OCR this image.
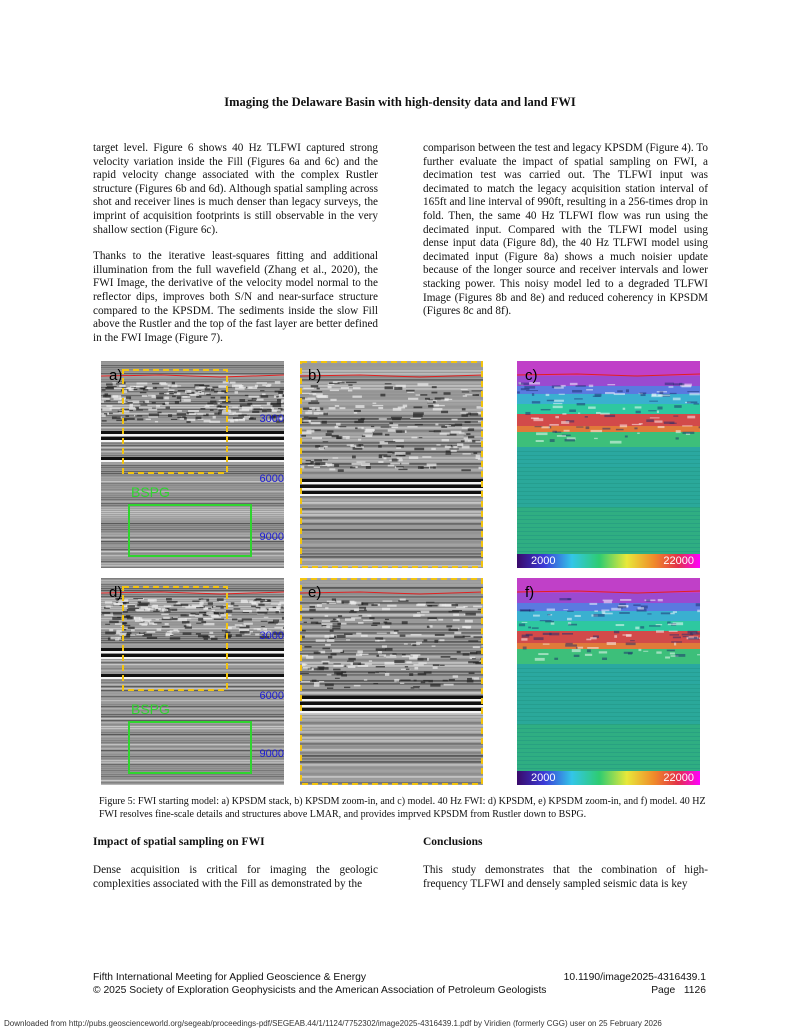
Imaging the Delaware Basin with high-density data and land FWI

target level. Figure 6 shows 40 Hz TLFWI captured strong velocity variation inside the Fill (Figures 6a and 6c) and the rapid velocity change associated with the complex Rustler structure (Figures 6b and 6d). Although spatial sampling across shot and receiver lines is much denser than legacy surveys, the imprint of acquisition footprints is still observable in the very shallow section (Figure 6c).

Thanks to the iterative least-squares fitting and additional illumination from the full wavefield (Zhang et al., 2020), the FWI Image, the derivative of the velocity model normal to the reflector dips, improves both S/N and near-surface structure compared to the KPSDM. The sediments inside the slow Fill above the Rustler and the top of the fast layer are better defined in the FWI Image (Figure 7).

comparison between the test and legacy KPSDM (Figure 4). To further evaluate the impact of spatial sampling on FWI, a decimation test was carried out. The TLFWI input was decimated to match the legacy acquisition station interval of 165ft and line interval of 990ft, resulting in a 256-times drop in fold. Then, the same 40 Hz TLFWI flow was run using the decimated input. Compared with the TLFWI model using dense input data (Figure 8d), the 40 Hz TLFWI model using decimated input (Figure 8a) shows a much noisier update because of the longer source and receiver intervals and lower stacking power. This noisy model led to a degraded TLFWI Image (Figures 8b and 8e) and reduced coherency in KPSDM (Figures 8c and 8f).

a)
3000
6000
9000
BSPG
b)	c)
2000	22000
d)
3000
6000
9000
BSPG
e)	f)
2000	22000
Figure 5: FWI starting model: a) KPSDM stack, b) KPSDM zoom-in, and c) model. 40 Hz FWI: d) KPSDM, e) KPSDM zoom-in, and f) model. 40 HZ FWI resolves fine-scale details and structures above LMAR, and provides imprved KPSDM from Rustler down to BSPG.
Impact of spatial sampling on FWI

Dense acquisition is critical for imaging the geologic complexities associated with the Fill as demonstrated by the

Conclusions

This study demonstrates that the combination of high-frequency TLFWI and densely sampled seismic data is key

Fifth International Meeting for Applied Geoscience & Energy
© 2025 Society of Exploration Geophysicists and the American Association of Petroleum Geologists
10.1190/image2025-4316439.1
Page 1126
Downloaded from http://pubs.geoscienceworld.org/segeab/proceedings-pdf/SEGEAB.44/1/1124/7752302/image2025-4316439.1.pdf by Viridien (formerly CGG) user on 25 February 2026
